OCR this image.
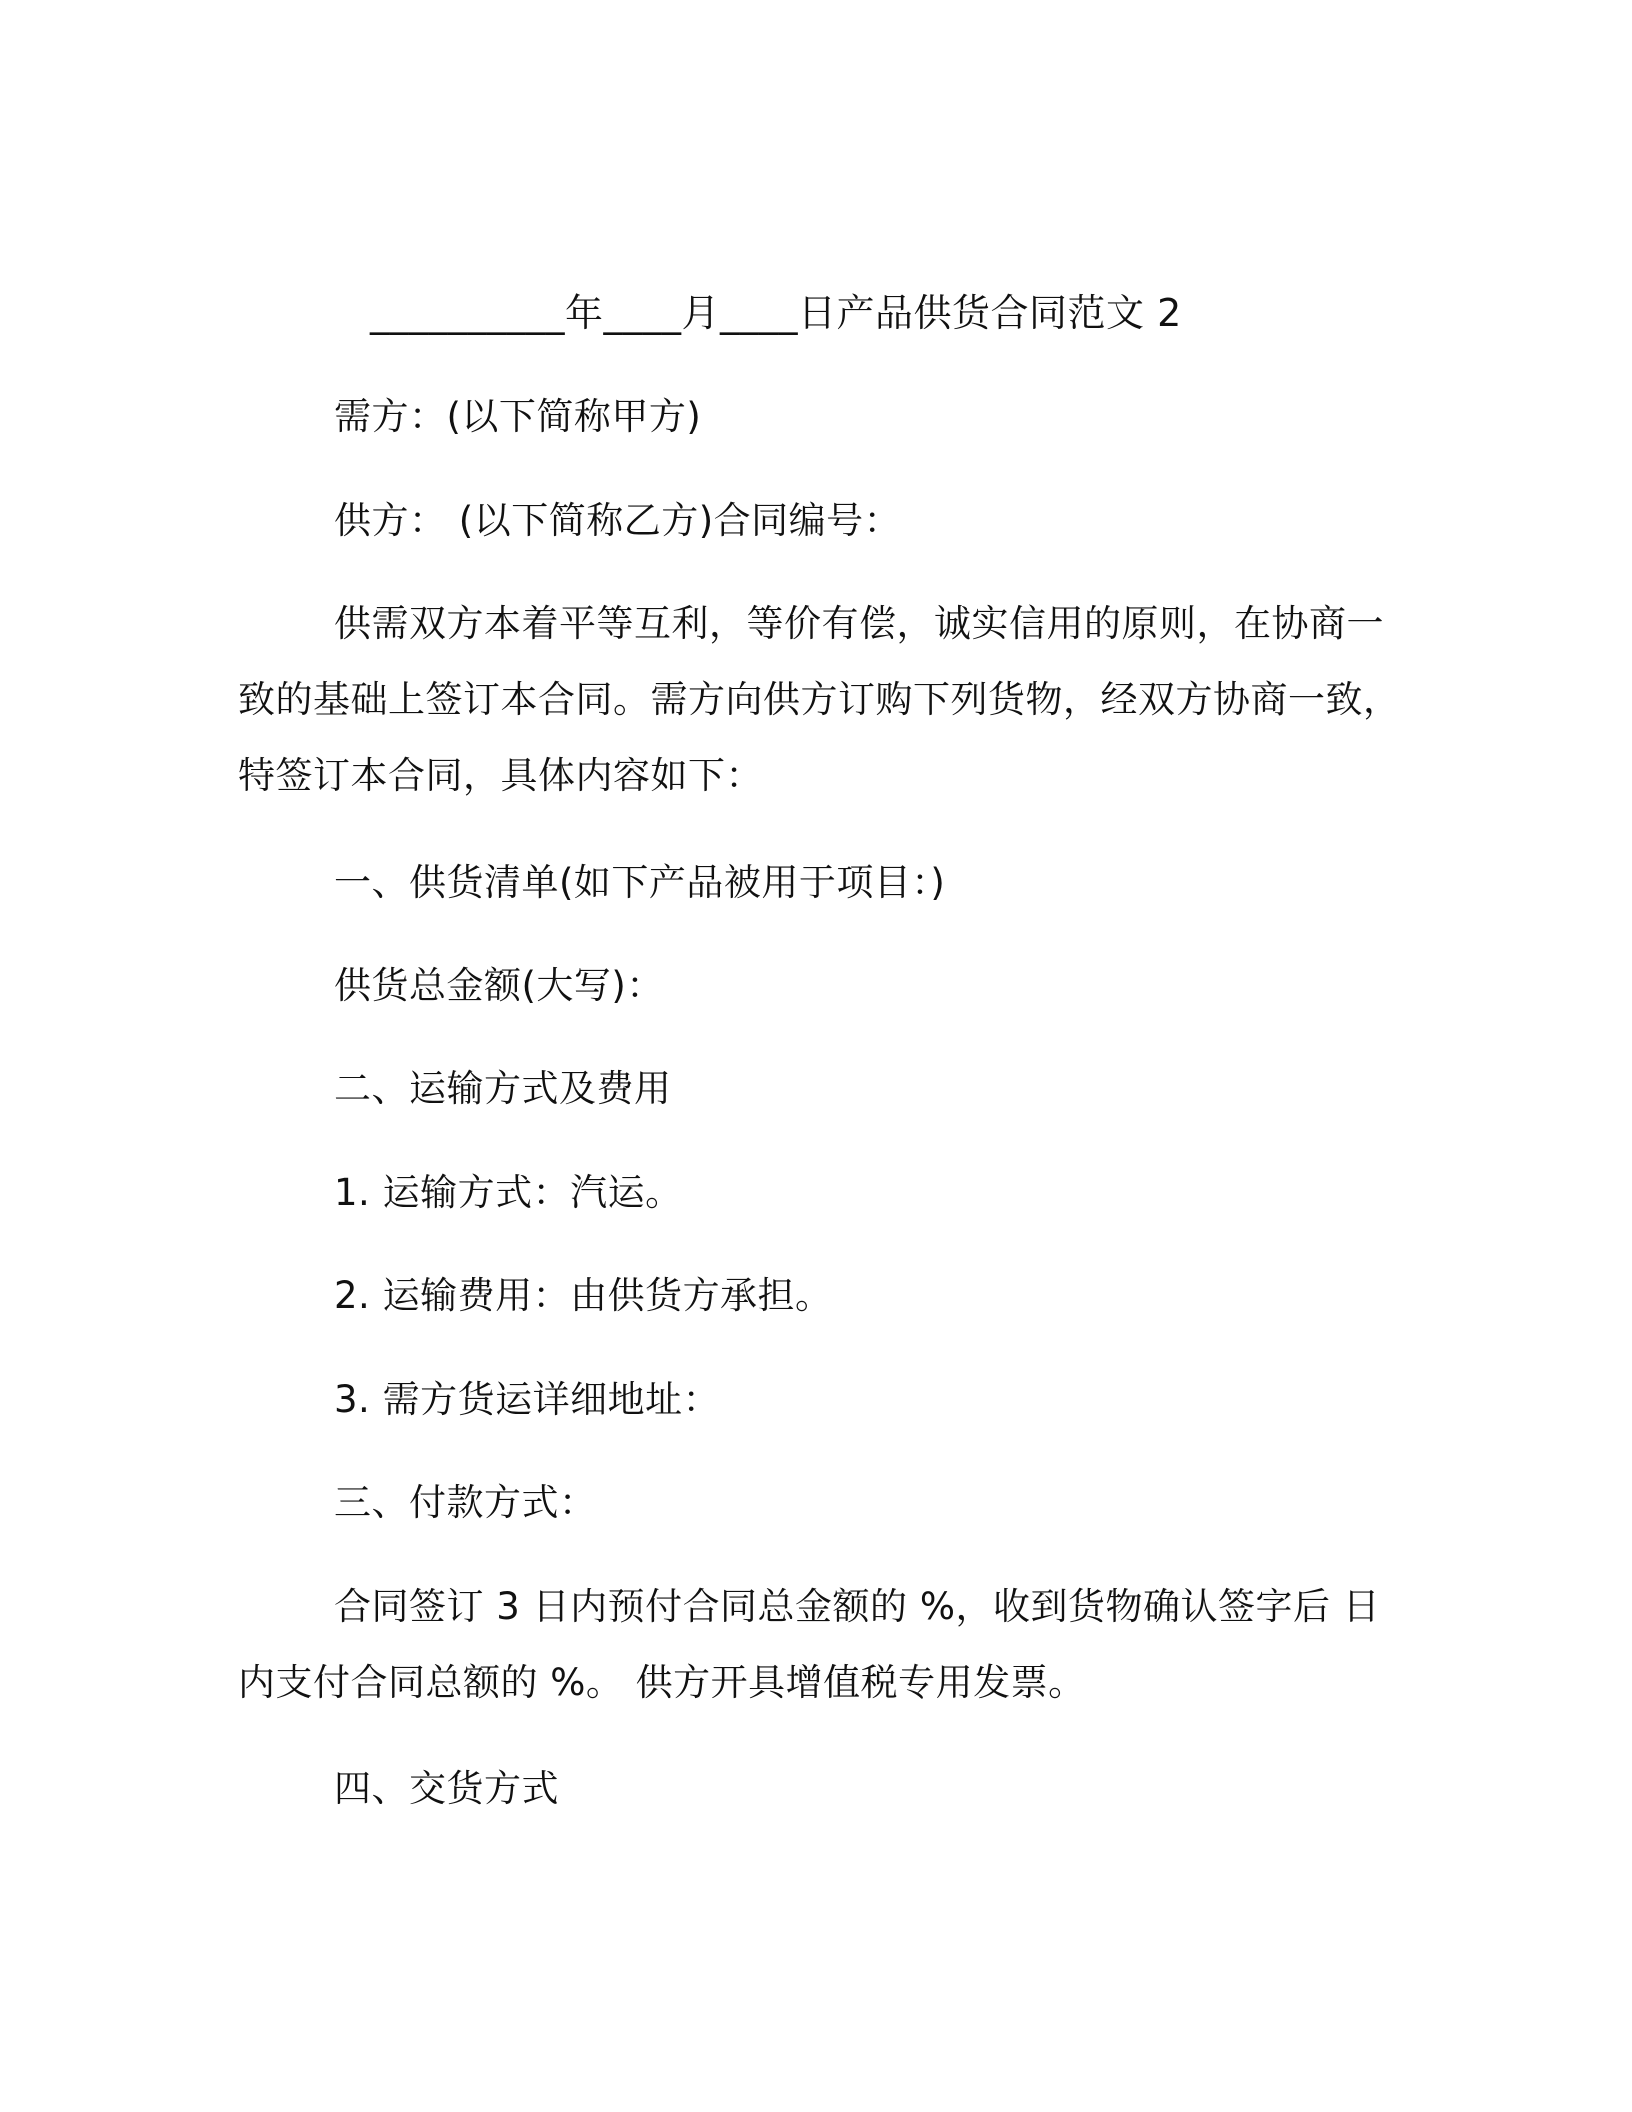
__________年____月____日产品供货合同范文 2
需方：(以下简称甲方)
供方： (以下简称乙方)合同编号：
供需双方本着平等互利，等价有偿，诚实信用的原则，在协商一
致的基础上签订本合同。需方向供方订购下列货物，经双方协商一致，
特签订本合同，具体内容如下：
一、供货清单(如下产品被用于项目：)
供货总金额(大写)：
二、运输方式及费用
1. 运输方式：汽运。
2. 运输费用：由供货方承担。
3. 需方货运详细地址：
三、付款方式：
合同签订 3 日内预付合同总金额的 %，收到货物确认签字后 日
内支付合同总额的 %。 供方开具增值税专用发票。
四、交货方式
